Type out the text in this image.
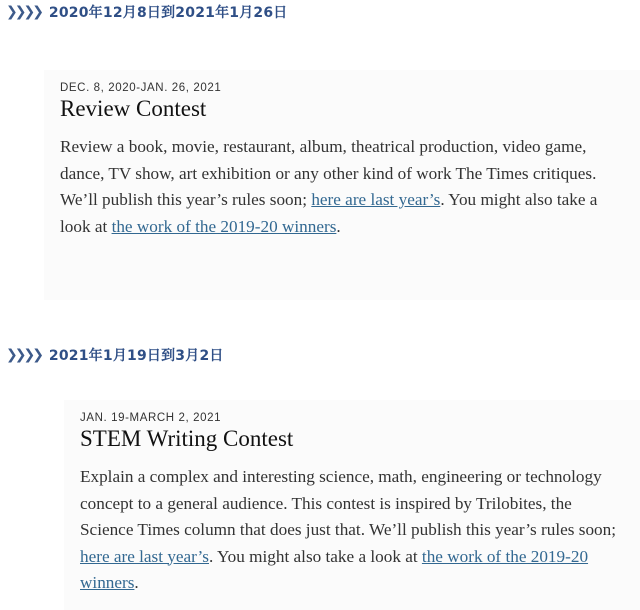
❯❯❯❯ 2020年12月8日到2021年1月26日
DEC. 8, 2020-JAN. 26, 2021
Review Contest
Review a book, movie, restaurant, album, theatrical production, video game, dance, TV show, art exhibition or any other kind of work The Times critiques. We’ll publish this year’s rules soon; here are last year’s. You might also take a look at the work of the 2019-20 winners.
❯❯❯❯ 2021年1月19日到3月2日
JAN. 19-MARCH 2, 2021
STEM Writing Contest
Explain a complex and interesting science, math, engineering or technology concept to a general audience. This contest is inspired by Trilobites, the Science Times column that does just that. We’ll publish this year’s rules soon; here are last year’s. You might also take a look at the work of the 2019-20 winners.
